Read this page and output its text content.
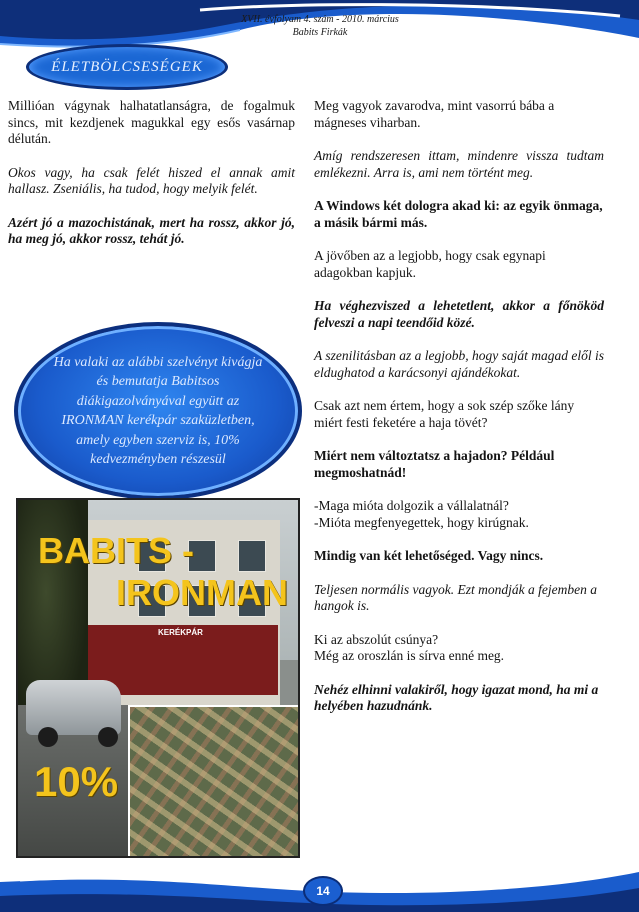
XVII. évfolyam 4. szám - 2010. március
Babits Firkák
ÉLETBÖLCSESÉGEK

Millióan vágynak halhatatlanságra, de fogalmuk sincs, mit kezdjenek magukkal egy esős vasárnap délután.

Okos vagy, ha csak felét hiszed el annak amit hallasz. Zseniális, ha tudod, hogy melyik felét.

Azért jó a mazochistának, mert ha rossz, akkor jó, ha meg jó, akkor rossz, tehát jó.

Ha valaki az alábbi szelvényt kivágja és bemutatja Babitsos diákigazolványával együtt az IRONMAN kerékpár szaküzletben, amely egyben szerviz is, 10% kedvezményben részesül
KERÉKPÁR
BABITS -
IRONMAN
10%

Meg vagyok zavarodva, mint vasorrú bába a mágneses viharban.

Amíg rendszeresen ittam, mindenre vissza tudtam emlékezni. Arra is, ami nem történt meg.

A Windows két dologra akad ki: az egyik önmaga, a másik bármi más.

A jövőben az a legjobb, hogy csak egynapi adagokban kapjuk.

Ha véghezviszed a lehetetlent, akkor a főnököd felveszi a napi teendőid közé.

A szenilitásban az a legjobb, hogy saját magad elől is eldughatod a karácsonyi ajándékokat.

Csak azt nem értem, hogy a sok szép szőke lány miért festi feketére a haja tövét?

Miért nem változtatsz a hajadon? Például megmoshatnád!

-Maga mióta dolgozik a vállalatnál?
-Mióta megfenyegettek, hogy kirúgnak.

Mindig van két lehetőséged. Vagy nincs.

Teljesen normális vagyok. Ezt mondják a fejemben a hangok is.

Ki az abszolút csúnya?
Még az oroszlán is sírva enné meg.

Nehéz elhinni valakiről, hogy igazat mond, ha mi a helyében hazudnánk.

14
